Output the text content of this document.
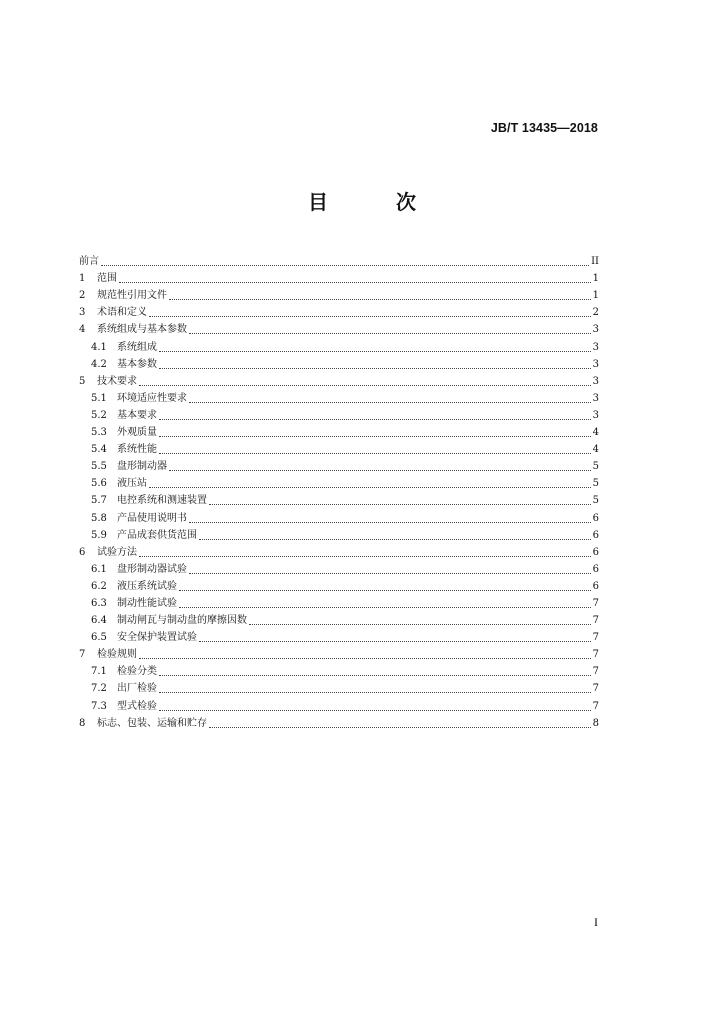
JB/T 13435—2018
目　次
前言	II
1	范围	1
2	规范性引用文件	1
3	术语和定义	2
4	系统组成与基本参数	3
4.1	系统组成	3
4.2	基本参数	3
5	技术要求	3
5.1	环境适应性要求	3
5.2	基本要求	3
5.3	外观质量	4
5.4	系统性能	4
5.5	盘形制动器	5
5.6	液压站	5
5.7	电控系统和测速装置	5
5.8	产品使用说明书	6
5.9	产品成套供货范围	6
6	试验方法	6
6.1	盘形制动器试验	6
6.2	液压系统试验	6
6.3	制动性能试验	7
6.4	制动闸瓦与制动盘的摩擦因数	7
6.5	安全保护装置试验	7
7	检验规则	7
7.1	检验分类	7
7.2	出厂检验	7
7.3	型式检验	7
8	标志、包装、运输和贮存	8
I
